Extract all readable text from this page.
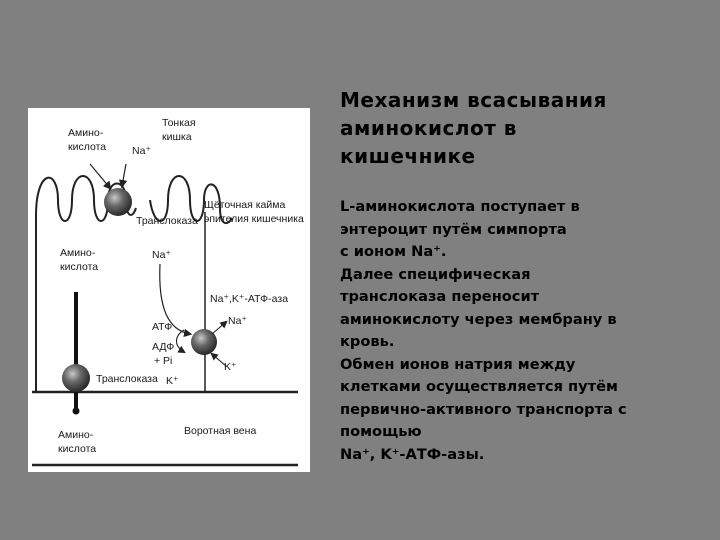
Амино-
кислота Na⁺
Тонкая
кишка
Щёточная кайма
эпителия кишечника
Транслоказа
Амино-
кислота
Na⁺
Na⁺,K⁺-АТФ-аза
Na⁺
АТФ
АДФ
+ Pi	K⁺
Транслоказа K⁺
Амино-
кислота
Воротная вена
Механизм всасывания
аминокислот в
кишечнике
L-аминокислота поступает в
энтероцит путём симпорта
с ионом Na⁺.
Далее специфическая
транслоказа переносит
аминокислоту через мембрану в
кровь.
Обмен ионов натрия между
клетками осуществляется путём
первично-активного транспорта с
помощью
Na⁺, K⁺-АТФ-азы.
